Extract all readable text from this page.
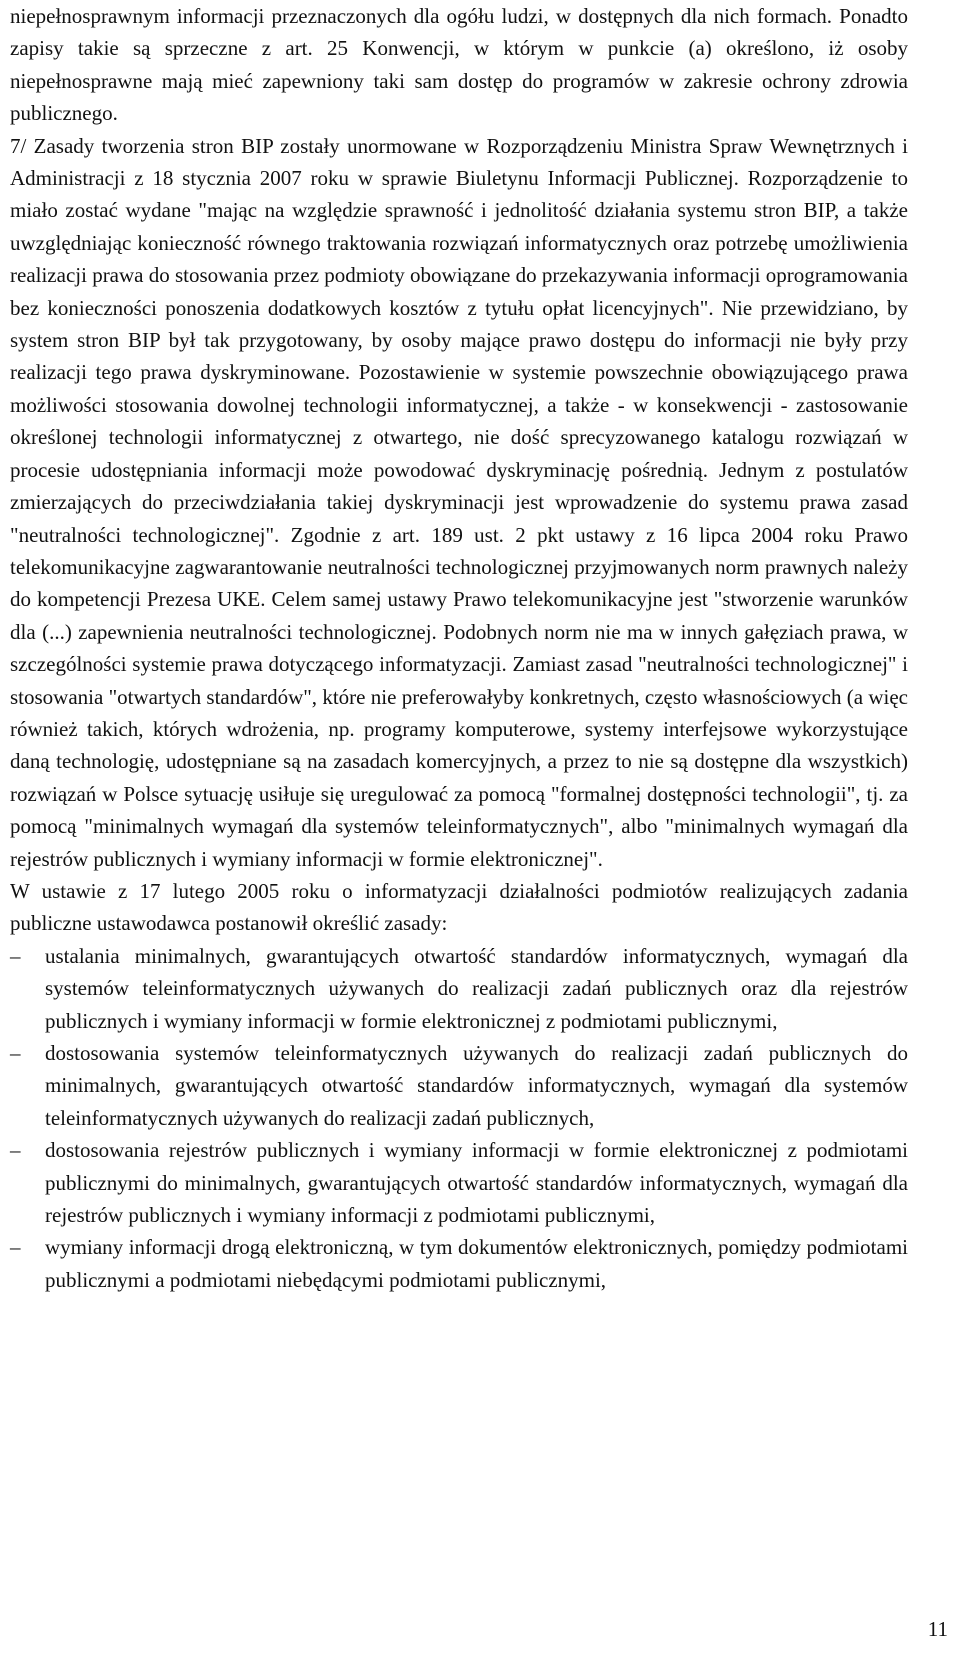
niepełnosprawnym informacji przeznaczonych dla ogółu ludzi, w dostępnych dla nich formach. Ponadto zapisy takie są sprzeczne z art. 25 Konwencji, w którym w punkcie (a) określono, iż osoby niepełnosprawne mają mieć zapewniony taki sam dostęp do programów w zakresie ochrony zdrowia publicznego.

7/ Zasady tworzenia stron BIP zostały unormowane w Rozporządzeniu Ministra Spraw Wewnętrznych i Administracji z 18 stycznia 2007 roku w sprawie Biuletynu Informacji Publicznej. Rozporządzenie to miało zostać wydane "mając na względzie sprawność i jednolitość działania systemu stron BIP, a także uwzględniając konieczność równego traktowania rozwiązań informatycznych oraz potrzebę umożliwienia realizacji prawa do stosowania przez podmioty obowiązane do przekazywania informacji oprogramowania bez konieczności ponoszenia dodatkowych kosztów z tytułu opłat licencyjnych". Nie przewidziano, by system stron BIP był tak przygotowany, by osoby mające prawo dostępu do informacji nie były przy realizacji tego prawa dyskryminowane. Pozostawienie w systemie powszechnie obowiązującego prawa możliwości stosowania dowolnej technologii informatycznej, a także - w konsekwencji - zastosowanie określonej technologii informatycznej z otwartego, nie dość sprecyzowanego katalogu rozwiązań w procesie udostępniania informacji może powodować dyskryminację pośrednią. Jednym z postulatów zmierzających do przeciwdziałania takiej dyskryminacji jest wprowadzenie do systemu prawa zasad "neutralności technologicznej". Zgodnie z art. 189 ust. 2 pkt ustawy z 16 lipca 2004 roku Prawo telekomunikacyjne zagwarantowanie neutralności technologicznej przyjmowanych norm prawnych należy do kompetencji Prezesa UKE. Celem samej ustawy Prawo telekomunikacyjne jest "stworzenie warunków dla (...) zapewnienia neutralności technologicznej. Podobnych norm nie ma w innych gałęziach prawa, w szczególności systemie prawa dotyczącego informatyzacji. Zamiast zasad "neutralności technologicznej" i stosowania "otwartych standardów", które nie preferowałyby konkretnych, często własnościowych (a więc również takich, których wdrożenia, np. programy komputerowe, systemy interfejsowe wykorzystujące daną technologię, udostępniane są na zasadach komercyjnych, a przez to nie są dostępne dla wszystkich) rozwiązań w Polsce sytuację usiłuje się uregulować za pomocą "formalnej dostępności technologii", tj. za pomocą "minimalnych wymagań dla systemów teleinformatycznych", albo "minimalnych wymagań dla rejestrów publicznych i wymiany informacji w formie elektronicznej".

W ustawie z 17 lutego 2005 roku o informatyzacji działalności podmiotów realizujących zadania publiczne ustawodawca postanowił określić zasady:

– ustalania minimalnych, gwarantujących otwartość standardów informatycznych, wymagań dla systemów teleinformatycznych używanych do realizacji zadań publicznych oraz dla rejestrów publicznych i wymiany informacji w formie elektronicznej z podmiotami publicznymi,
– dostosowania systemów teleinformatycznych używanych do realizacji zadań publicznych do minimalnych, gwarantujących otwartość standardów informatycznych, wymagań dla systemów teleinformatycznych używanych do realizacji zadań publicznych,
– dostosowania rejestrów publicznych i wymiany informacji w formie elektronicznej z podmiotami publicznymi do minimalnych, gwarantujących otwartość standardów informatycznych, wymagań dla rejestrów publicznych i wymiany informacji z podmiotami publicznymi,
– wymiany informacji drogą elektroniczną, w tym dokumentów elektronicznych, pomiędzy podmiotami publicznymi a podmiotami niebędącymi podmiotami publicznymi,
11
